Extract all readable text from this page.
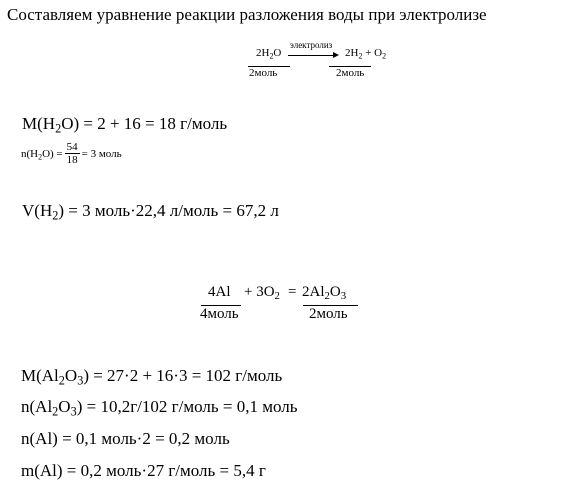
Составляем уравнение реакции разложения воды при электролизе
$2H_2O$
электролиз
$2H_2 + O_2$
2моль	2моль
$M(H_2O) = 2 + 16 = 18$ г/моль
$n(H_2O) = \frac{54}{18} = 3$ моль
$V(H_2) = 3$ моль·22,4 л/моль = 67,2 л
$4Al + 3O_2 = 2Al_2O_3$
4моль	2моль
$M(Al_2O_3) = 27\cdot 2 + 16\cdot 3 = 102$ г/моль
$n(Al_2O_3) = 10,2г/102$ г/моль = 0,1 моль
n(Al) = 0,1 моль·2 = 0,2 моль
m(Al) = 0,2 моль·27 г/моль = 5,4 г
